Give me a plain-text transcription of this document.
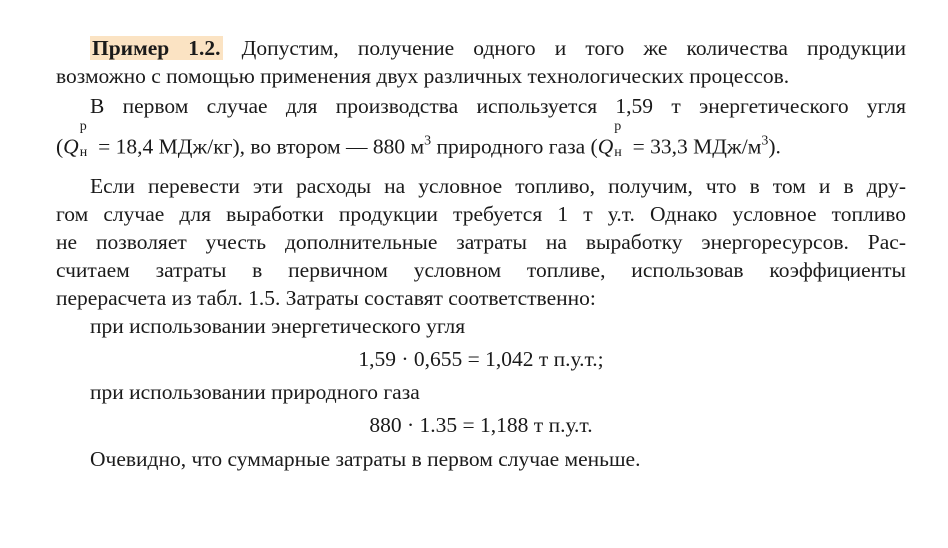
Пример 1.2. Допустим, получение одного и того же количества продукции
возможно с помощью применения двух различных технологических процессов.
В первом случае для производства используется 1,59 т энергетического угля
(Q
р
н = 18,4 МДж/кг), во втором — 880 $м^3$ природного газа (Q
р
н = 33,3 МДж/$м^3$).
Если перевести эти расходы на условное топливо, получим, что в том и в дру-
гом случае для выработки продукции требуется 1 т у.т. Однако условное топливо
не позволяет учесть дополнительные затраты на выработку энергоресурсов. Рас-
считаем затраты в первичном условном топливе, использовав коэффициенты
перерасчета из табл. 1.5. Затраты составят соответственно:
при использовании энергетического угля
1,59 · 0,655 = 1,042 т п.у.т.;
при использовании природного газа
880 · 1.35 = 1,188 т п.у.т.
Очевидно, что суммарные затраты в первом случае меньше.
